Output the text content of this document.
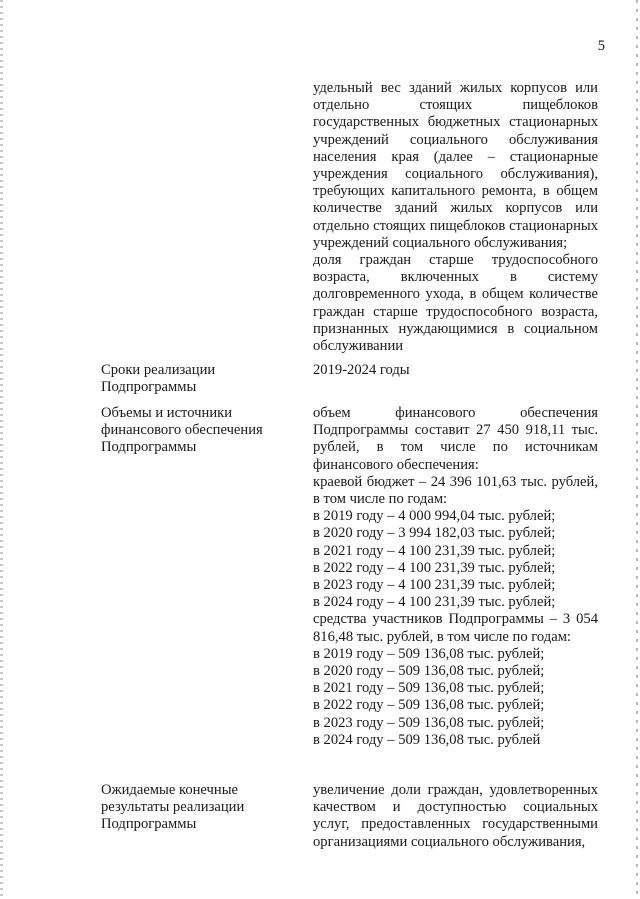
5

удельный вес зданий жилых корпусов или отдельно стоящих пищеблоков государственных бюджетных стационарных учреждений социального обслуживания населения края (далее – стационарные учреждения социального обслуживания), требующих капитального ремонта, в общем количестве зданий жилых корпусов или отдельно стоящих пищеблоков стационарных учреждений социального обслуживания;

доля граждан старше трудоспособного возраста, включенных в систему долговременного ухода, в общем количестве граждан старше трудоспособного возраста, признанных нуждающимися в социальном обслуживании

Сроки реализации
Подпрограммы

2019-2024 годы

Объемы и источники
финансового обеспечения
Подпрограммы

объем финансового обеспечения Подпрограммы составит 27 450 918,11 тыс. рублей, в том числе по источникам финансового обеспечения:

краевой бюджет – 24 396 101,63 тыс. рублей, в том числе по годам:

в 2019 году – 4 000 994,04 тыс. рублей;

в 2020 году – 3 994 182,03 тыс. рублей;

в 2021 году – 4 100 231,39 тыс. рублей;

в 2022 году – 4 100 231,39 тыс. рублей;

в 2023 году – 4 100 231,39 тыс. рублей;

в 2024 году – 4 100 231,39 тыс. рублей;

средства участников Подпрограммы – 3 054 816,48 тыс. рублей, в том числе по годам:

в 2019 году – 509 136,08 тыс. рублей;

в 2020 году – 509 136,08 тыс. рублей;

в 2021 году – 509 136,08 тыс. рублей;

в 2022 году – 509 136,08 тыс. рублей;

в 2023 году – 509 136,08 тыс. рублей;

в 2024 году – 509 136,08 тыс. рублей

Ожидаемые конечные
результаты реализации
Подпрограммы

увеличение доли граждан, удовлетворенных качеством и доступностью социальных услуг, предоставленных государственными организациями социального обслуживания,
